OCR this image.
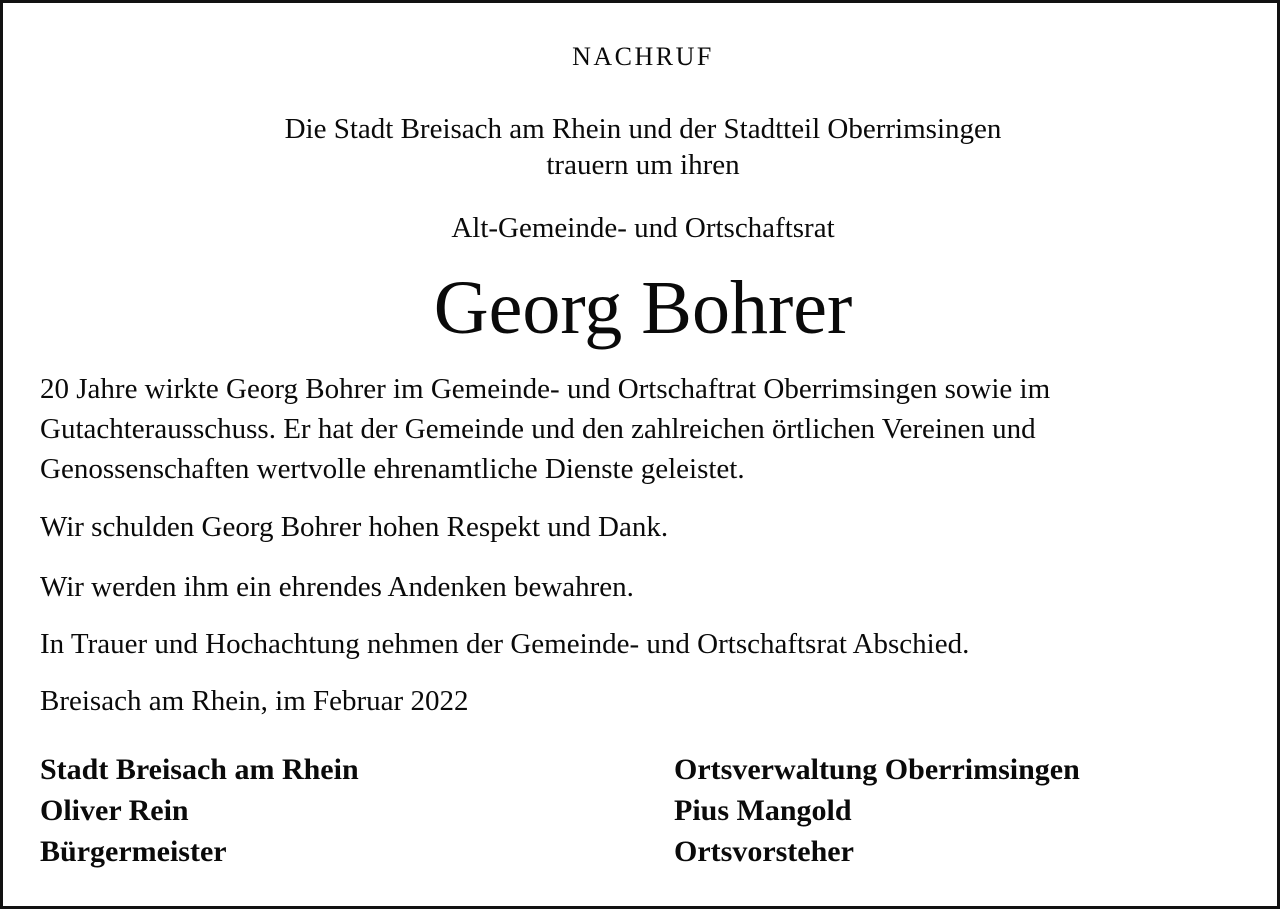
NACHRUF
Die Stadt Breisach am Rhein und der Stadtteil Oberrimsingen
trauern um ihren
Alt-Gemeinde- und Ortschaftsrat
Georg Bohrer
20 Jahre wirkte Georg Bohrer im Gemeinde- und Ortschaftrat Oberrimsingen sowie im
Gutachterausschuss. Er hat der Gemeinde und den zahlreichen örtlichen Vereinen und
Genossenschaften wertvolle ehrenamtliche Dienste geleistet.
Wir schulden Georg Bohrer hohen Respekt und Dank.
Wir werden ihm ein ehrendes Andenken bewahren.
In Trauer und Hochachtung nehmen der Gemeinde- und Ortschaftsrat Abschied.
Breisach am Rhein, im Februar 2022
Stadt Breisach am Rhein
Oliver Rein
Bürgermeister
Ortsverwaltung Oberrimsingen
Pius Mangold
Ortsvorsteher
